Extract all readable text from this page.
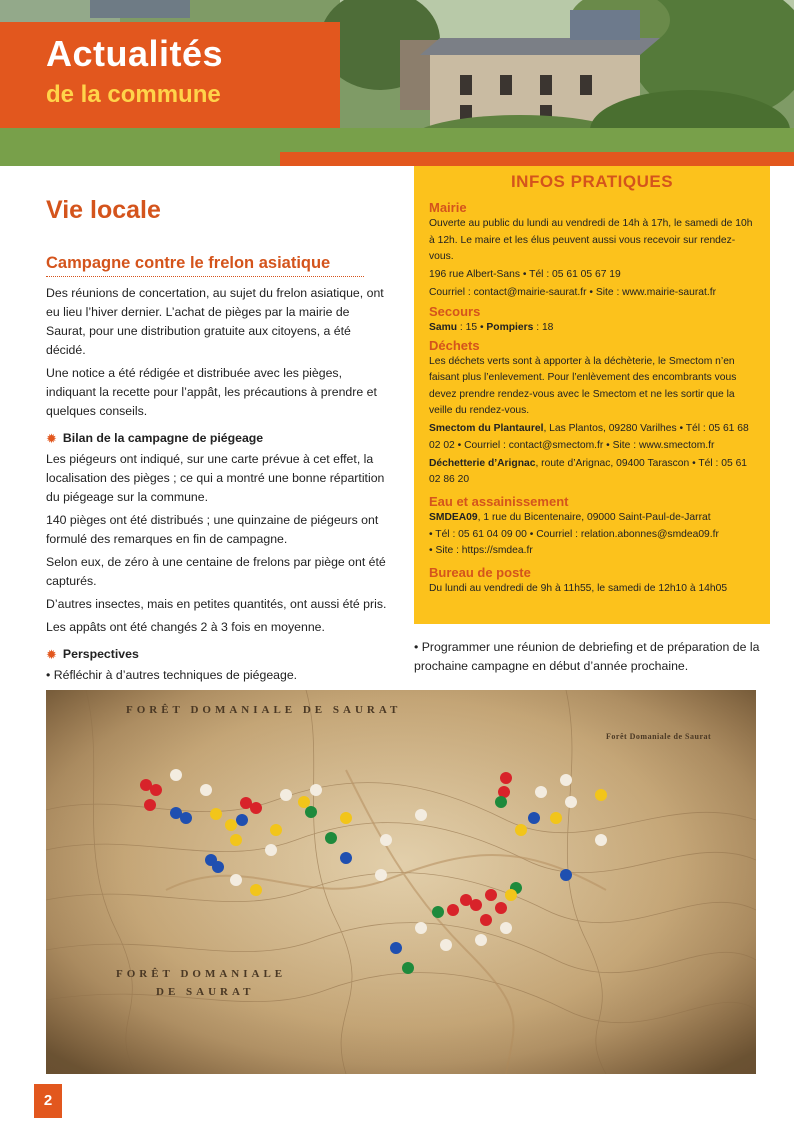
Actualités
de la commune
Vie locale
Campagne contre le frelon asiatique

Des réunions de concertation, au sujet du frelon asiatique, ont eu lieu l’hiver dernier. L’achat de pièges par la mairie de Saurat, pour une distribution gratuite aux citoyens, a été décidé.

Une notice a été rédigée et distribuée avec les pièges, indiquant la recette pour l’appât, les précautions à prendre et quelques conseils.

✹ Bilan de la campagne de piégeage

Les piégeurs ont indiqué, sur une carte prévue à cet effet, la localisation des pièges ; ce qui a montré une bonne répartition du piégeage sur la commune.

140 pièges ont été distribués ; une quinzaine de piégeurs ont formulé des remarques en fin de campagne.

Selon eux, de zéro à une centaine de frelons par piège ont été capturés.

D’autres insectes, mais en petites quantités, ont aussi été pris.

Les appâts ont été changés 2 à 3 fois en moyenne.

✹ Perspectives

• Réfléchir à d’autres techniques de piégeage.

INFOS PRATIQUES
Mairie

Ouverte au public du lundi au vendredi de 14h à 17h, le samedi de 10h à 12h. Le maire et les élus peuvent aussi vous recevoir sur rendez-vous.

196 rue Albert-Sans • Tél : 05 61 05 67 19

Courriel : contact@mairie-saurat.fr • Site : www.mairie-saurat.fr

Secours

Samu : 15 • Pompiers : 18

Déchets

Les déchets verts sont à apporter à la déchèterie, le Smectom n’en faisant plus l’enlevement. Pour l’enlèvement des encombrants vous devez prendre rendez-vous avec le Smectom et ne les sortir que la veille du rendez-vous.

Smectom du Plantaurel, Las Plantos, 09280 Varilhes • Tél : 05 61 68 02 02 • Courriel : contact@smectom.fr • Site : www.smectom.fr

Déchetterie d’Arignac, route d’Arignac, 09400 Tarascon • Tél : 05 61 02 86 20

Eau et assainissement

SMDEA09, 1 rue du Bicentenaire, 09000 Saint-Paul-de-Jarrat
• Tél : 05 61 04 09 00 • Courriel : relation.abonnes@smdea09.fr
• Site : https://smdea.fr

Bureau de poste

Du lundi au vendredi de 9h à 11h55, le samedi de 12h10 à 14h05

• Programmer une réunion de debriefing et de préparation de la prochaine campagne en début d’année prochaine.
FORÊT DOMANIALE DE SAURAT
Forêt Domaniale de Saurat
FORÊT DOMANIALE
DE SAURAT
2
